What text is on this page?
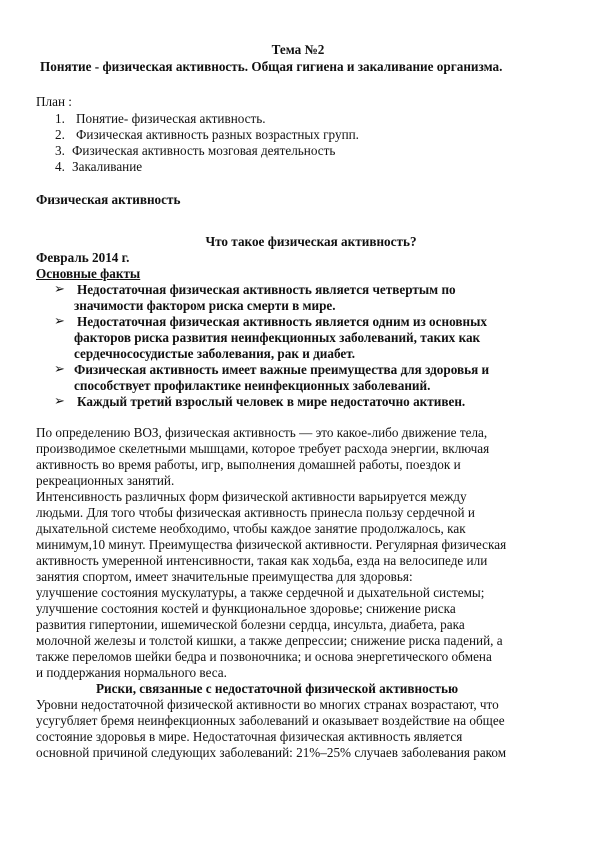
Тема №2
Понятие - физическая активность. Общая гигиена и закаливание организма.
План :
1. Понятие- физическая активность.
2. Физическая активность разных возрастных групп.
3. Физическая активность мозговая деятельность
4. Закаливание
Физическая активность
Что такое физическая активность?
Февраль 2014 г.
Основные факты
➢ Недостаточная физическая активность является четвертым по
значимости фактором риска смерти в мире.
➢ Недостаточная физическая активность является одним из основных
факторов риска развития неинфекционных заболеваний, таких как
сердечнососудистые заболевания, рак и диабет.
➢ Физическая активность имеет важные преимущества для здоровья и
способствует профилактике неинфекционных заболеваний.
➢ Каждый третий взрослый человек в мире недостаточно активен.
По определению ВОЗ, физическая активность — это какое-либо движение тела,
производимое скелетными мышцами, которое требует расхода энергии, включая
активность во время работы, игр, выполнения домашней работы, поездок и
рекреационных занятий.
Интенсивность различных форм физической активности варьируется между
людьми. Для того чтобы физическая активность принесла пользу сердечной и
дыхательной системе необходимо, чтобы каждое занятие продолжалось, как
минимум,10 минут. Преимущества физической активности. Регулярная физическая
активность умеренной интенсивности, такая как ходьба, езда на велосипеде или
занятия спортом, имеет значительные преимущества для здоровья:
улучшение состояния мускулатуры, а также сердечной и дыхательной системы;
улучшение состояния костей и функциональное здоровье; снижение риска
развития гипертонии, ишемической болезни сердца, инсульта, диабета, рака
молочной железы и толстой кишки, а также депрессии; снижение риска падений, а
также переломов шейки бедра и позвоночника; и основа энергетического обмена
и поддержания нормального веса.
Риски, связанные с недостаточной физической активностью
Уровни недостаточной физической активности во многих странах возрастают, что
усугубляет бремя неинфекционных заболеваний и оказывает воздействие на общее
состояние здоровья в мире. Недостаточная физическая активность является
основной причиной следующих заболеваний: 21%–25% случаев заболевания раком
